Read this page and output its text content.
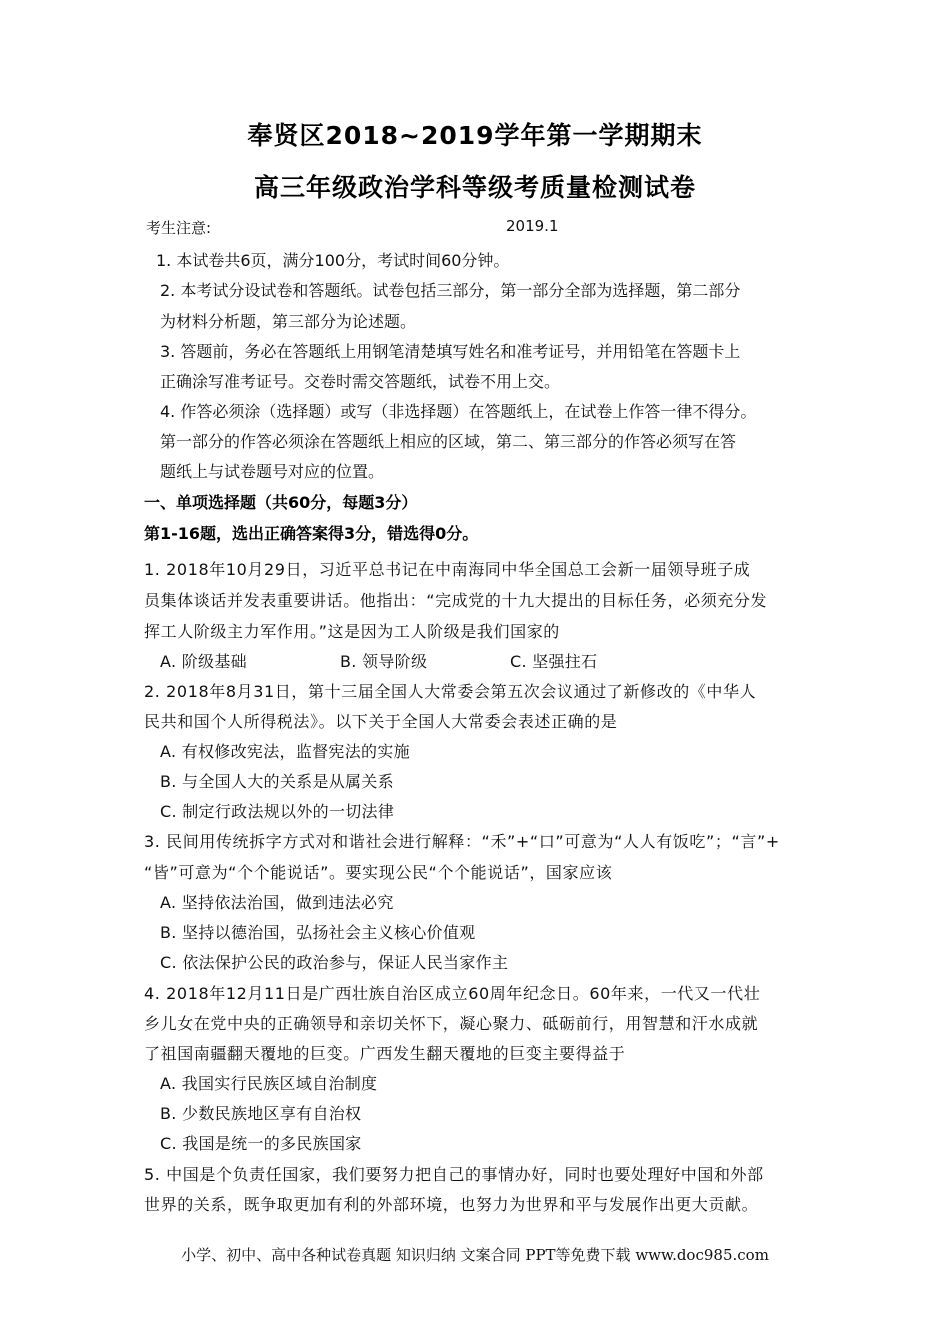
奉贤区2018~2019学年第一学期期末
高三年级政治学科等级考质量检测试卷
考生注意:	2019.1
1. 本试卷共6页，满分100分，考试时间60分钟。
2. 本考试分设试卷和答题纸。试卷包括三部分，第一部分全部为选择题，第二部分
为材料分析题，第三部分为论述题。
3. 答题前，务必在答题纸上用钢笔清楚填写姓名和准考证号，并用铅笔在答题卡上
正确涂写准考证号。交卷时需交答题纸，试卷不用上交。
4. 作答必须涂（选择题）或写（非选择题）在答题纸上，在试卷上作答一律不得分。
第一部分的作答必须涂在答题纸上相应的区域，第二、第三部分的作答必须写在答
题纸上与试卷题号对应的位置。
一、单项选择题（共60分，每题3分）
第1-16题，选出正确答案得3分，错选得0分。
1. 2018年10月29日，习近平总书记在中南海同中华全国总工会新一届领导班子成
员集体谈话并发表重要讲话。他指出：“完成党的十九大提出的目标任务，必须充分发
挥工人阶级主力军作用。”这是因为工人阶级是我们国家的
A. 阶级基础	B. 领导阶级	C. 坚强拄石
2. 2018年8月31日，第十三届全国人大常委会第五次会议通过了新修改的《中华人
民共和国个人所得税法》。以下关于全国人大常委会表述正确的是
A. 有权修改宪法，监督宪法的实施
B. 与全国人大的关系是从属关系
C. 制定行政法规以外的一切法律
3. 民间用传统拆字方式对和谐社会进行解释：“禾”+“口”可意为“人人有饭吃”；“言”+
“皆”可意为“个个能说话”。要实现公民“个个能说话”，国家应该
A. 坚持依法治国，做到违法必究
B. 坚持以德治国，弘扬社会主义核心价值观
C. 依法保护公民的政治参与，保证人民当家作主
4. 2018年12月11日是广西壮族自治区成立60周年纪念日。60年来，一代又一代壮
乡儿女在党中央的正确领导和亲切关怀下，凝心聚力、砥砺前行，用智慧和汗水成就
了祖国南疆翻天覆地的巨变。广西发生翻天覆地的巨变主要得益于
A. 我国实行民族区域自治制度
B. 少数民族地区享有自治权
C. 我国是统一的多民族国家
5. 中国是个负责任国家，我们要努力把自己的事情办好，同时也要处理好中国和外部
世界的关系，既争取更加有利的外部环境，也努力为世界和平与发展作出更大贡献。
小学、初中、高中各种试卷真题 知识归纳 文案合同 PPT等免费下载 www.doc985.com
